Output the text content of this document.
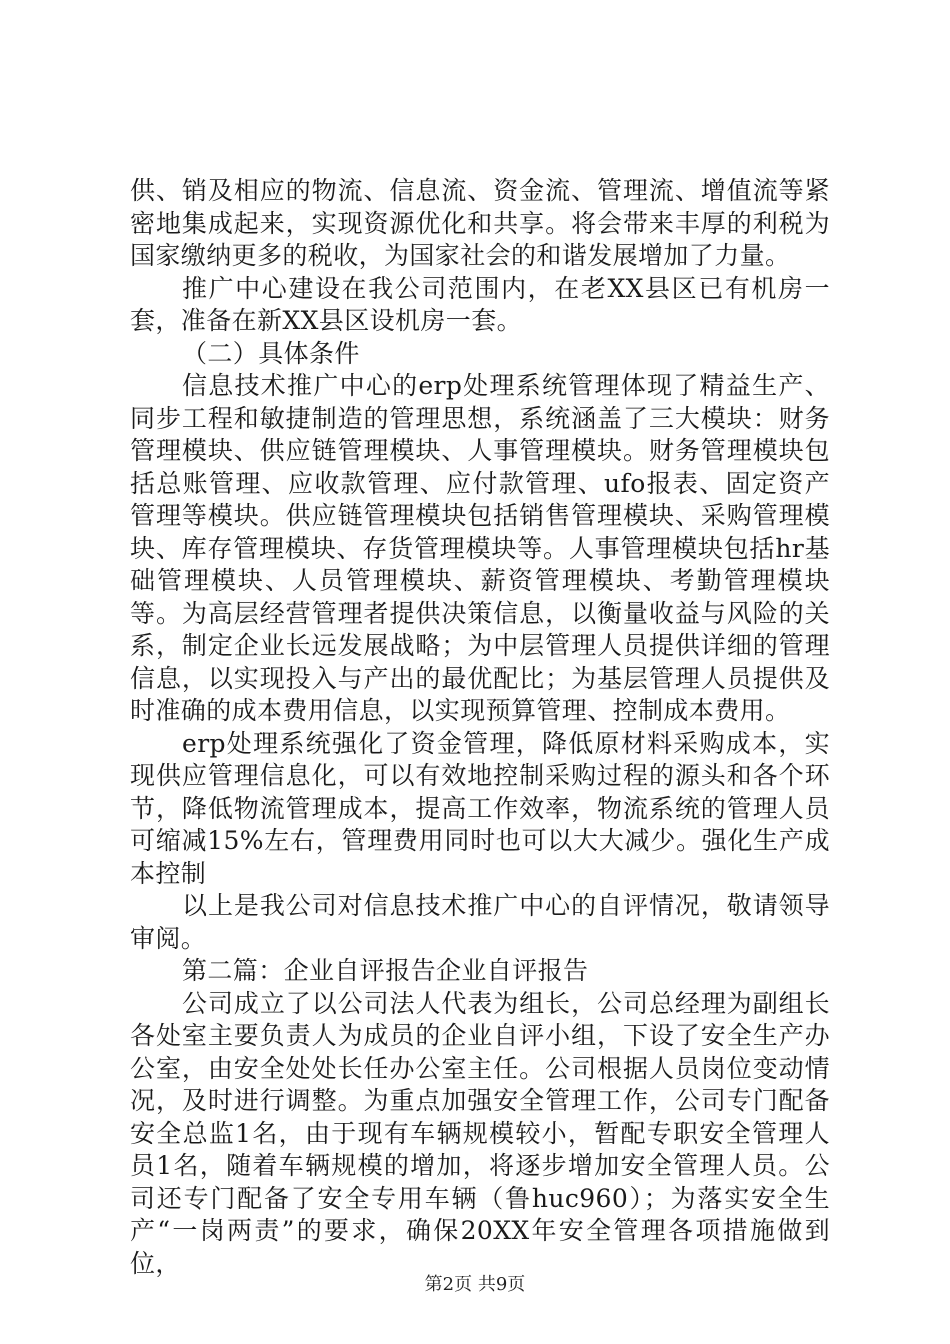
供、销及相应的物流、信息流、资金流、管理流、增值流等紧密地集成起来，实现资源优化和共享。将会带来丰厚的利税为国家缴纳更多的税收，为国家社会的和谐发展增加了力量。

推广中心建设在我公司范围内，在老XX县区已有机房一套，准备在新XX县区设机房一套。

（二）具体条件

信息技术推广中心的erp处理系统管理体现了精益生产、同步工程和敏捷制造的管理思想，系统涵盖了三大模块：财务管理模块、供应链管理模块、人事管理模块。财务管理模块包括总账管理、应收款管理、应付款管理、ufo报表、固定资产管理等模块。供应链管理模块包括销售管理模块、采购管理模块、库存管理模块、存货管理模块等。人事管理模块包括hr基础管理模块、人员管理模块、薪资管理模块、考勤管理模块等。为高层经营管理者提供决策信息，以衡量收益与风险的关系，制定企业长远发展战略；为中层管理人员提供详细的管理信息，以实现投入与产出的最优配比；为基层管理人员提供及时准确的成本费用信息，以实现预算管理、控制成本费用。

erp处理系统强化了资金管理，降低原材料采购成本，实现供应管理信息化，可以有效地控制采购过程的源头和各个环节，降低物流管理成本，提高工作效率，物流系统的管理人员可缩减15%左右，管理费用同时也可以大大减少。强化生产成本控制

以上是我公司对信息技术推广中心的自评情况，敬请领导审阅。

第二篇：企业自评报告企业自评报告

公司成立了以公司法人代表为组长，公司总经理为副组长各处室主要负责人为成员的企业自评小组，下设了安全生产办公室，由安全处处长任办公室主任。公司根据人员岗位变动情况，及时进行调整。为重点加强安全管理工作，公司专门配备安全总监1名，由于现有车辆规模较小，暂配专职安全管理人员1名，随着车辆规模的增加，将逐步增加安全管理人员。公司还专门配备了安全专用车辆（鲁huc960）；为落实安全生产“一岗两责”的要求，确保20XX年安全管理各项措施做到位，

第2页 共9页
